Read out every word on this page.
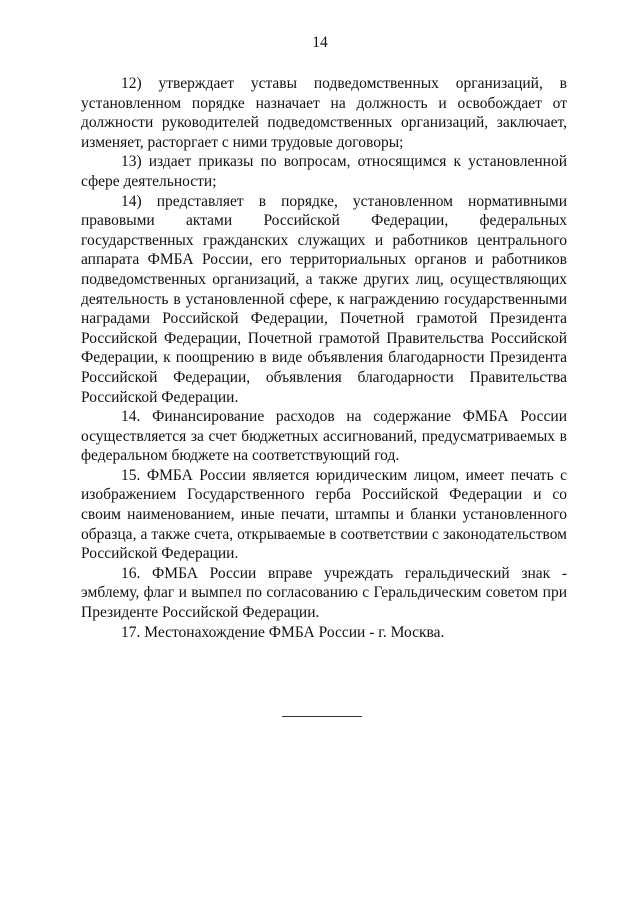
14

12) утверждает уставы подведомственных организаций, в установленном порядке назначает на должность и освобождает от должности руководителей подведомственных организаций, заключает, изменяет, расторгает с ними трудовые договоры;

13) издает приказы по вопросам, относящимся к установленной сфере деятельности;

14) представляет в порядке, установленном нормативными правовыми актами Российской Федерации, федеральных государственных гражданских служащих и работников центрального аппарата ФМБА России, его территориальных органов и работников подведомственных организаций, а также других лиц, осуществляющих деятельность в установленной сфере, к награждению государственными наградами Российской Федерации, Почетной грамотой Президента Российской Федерации, Почетной грамотой Правительства Российской Федерации, к поощрению в виде объявления благодарности Президента Российской Федерации, объявления благодарности Правительства Российской Федерации.

14. Финансирование расходов на содержание ФМБА России осуществляется за счет бюджетных ассигнований, предусматриваемых в федеральном бюджете на соответствующий год.

15. ФМБА России является юридическим лицом, имеет печать с изображением Государственного герба Российской Федерации и со своим наименованием, иные печати, штампы и бланки установленного образца, а также счета, открываемые в соответствии с законодательством Российской Федерации.

16. ФМБА России вправе учреждать геральдический знак - эмблему, флаг и вымпел по согласованию с Геральдическим советом при Президенте Российской Федерации.

17. Местонахождение ФМБА России - г. Москва.
